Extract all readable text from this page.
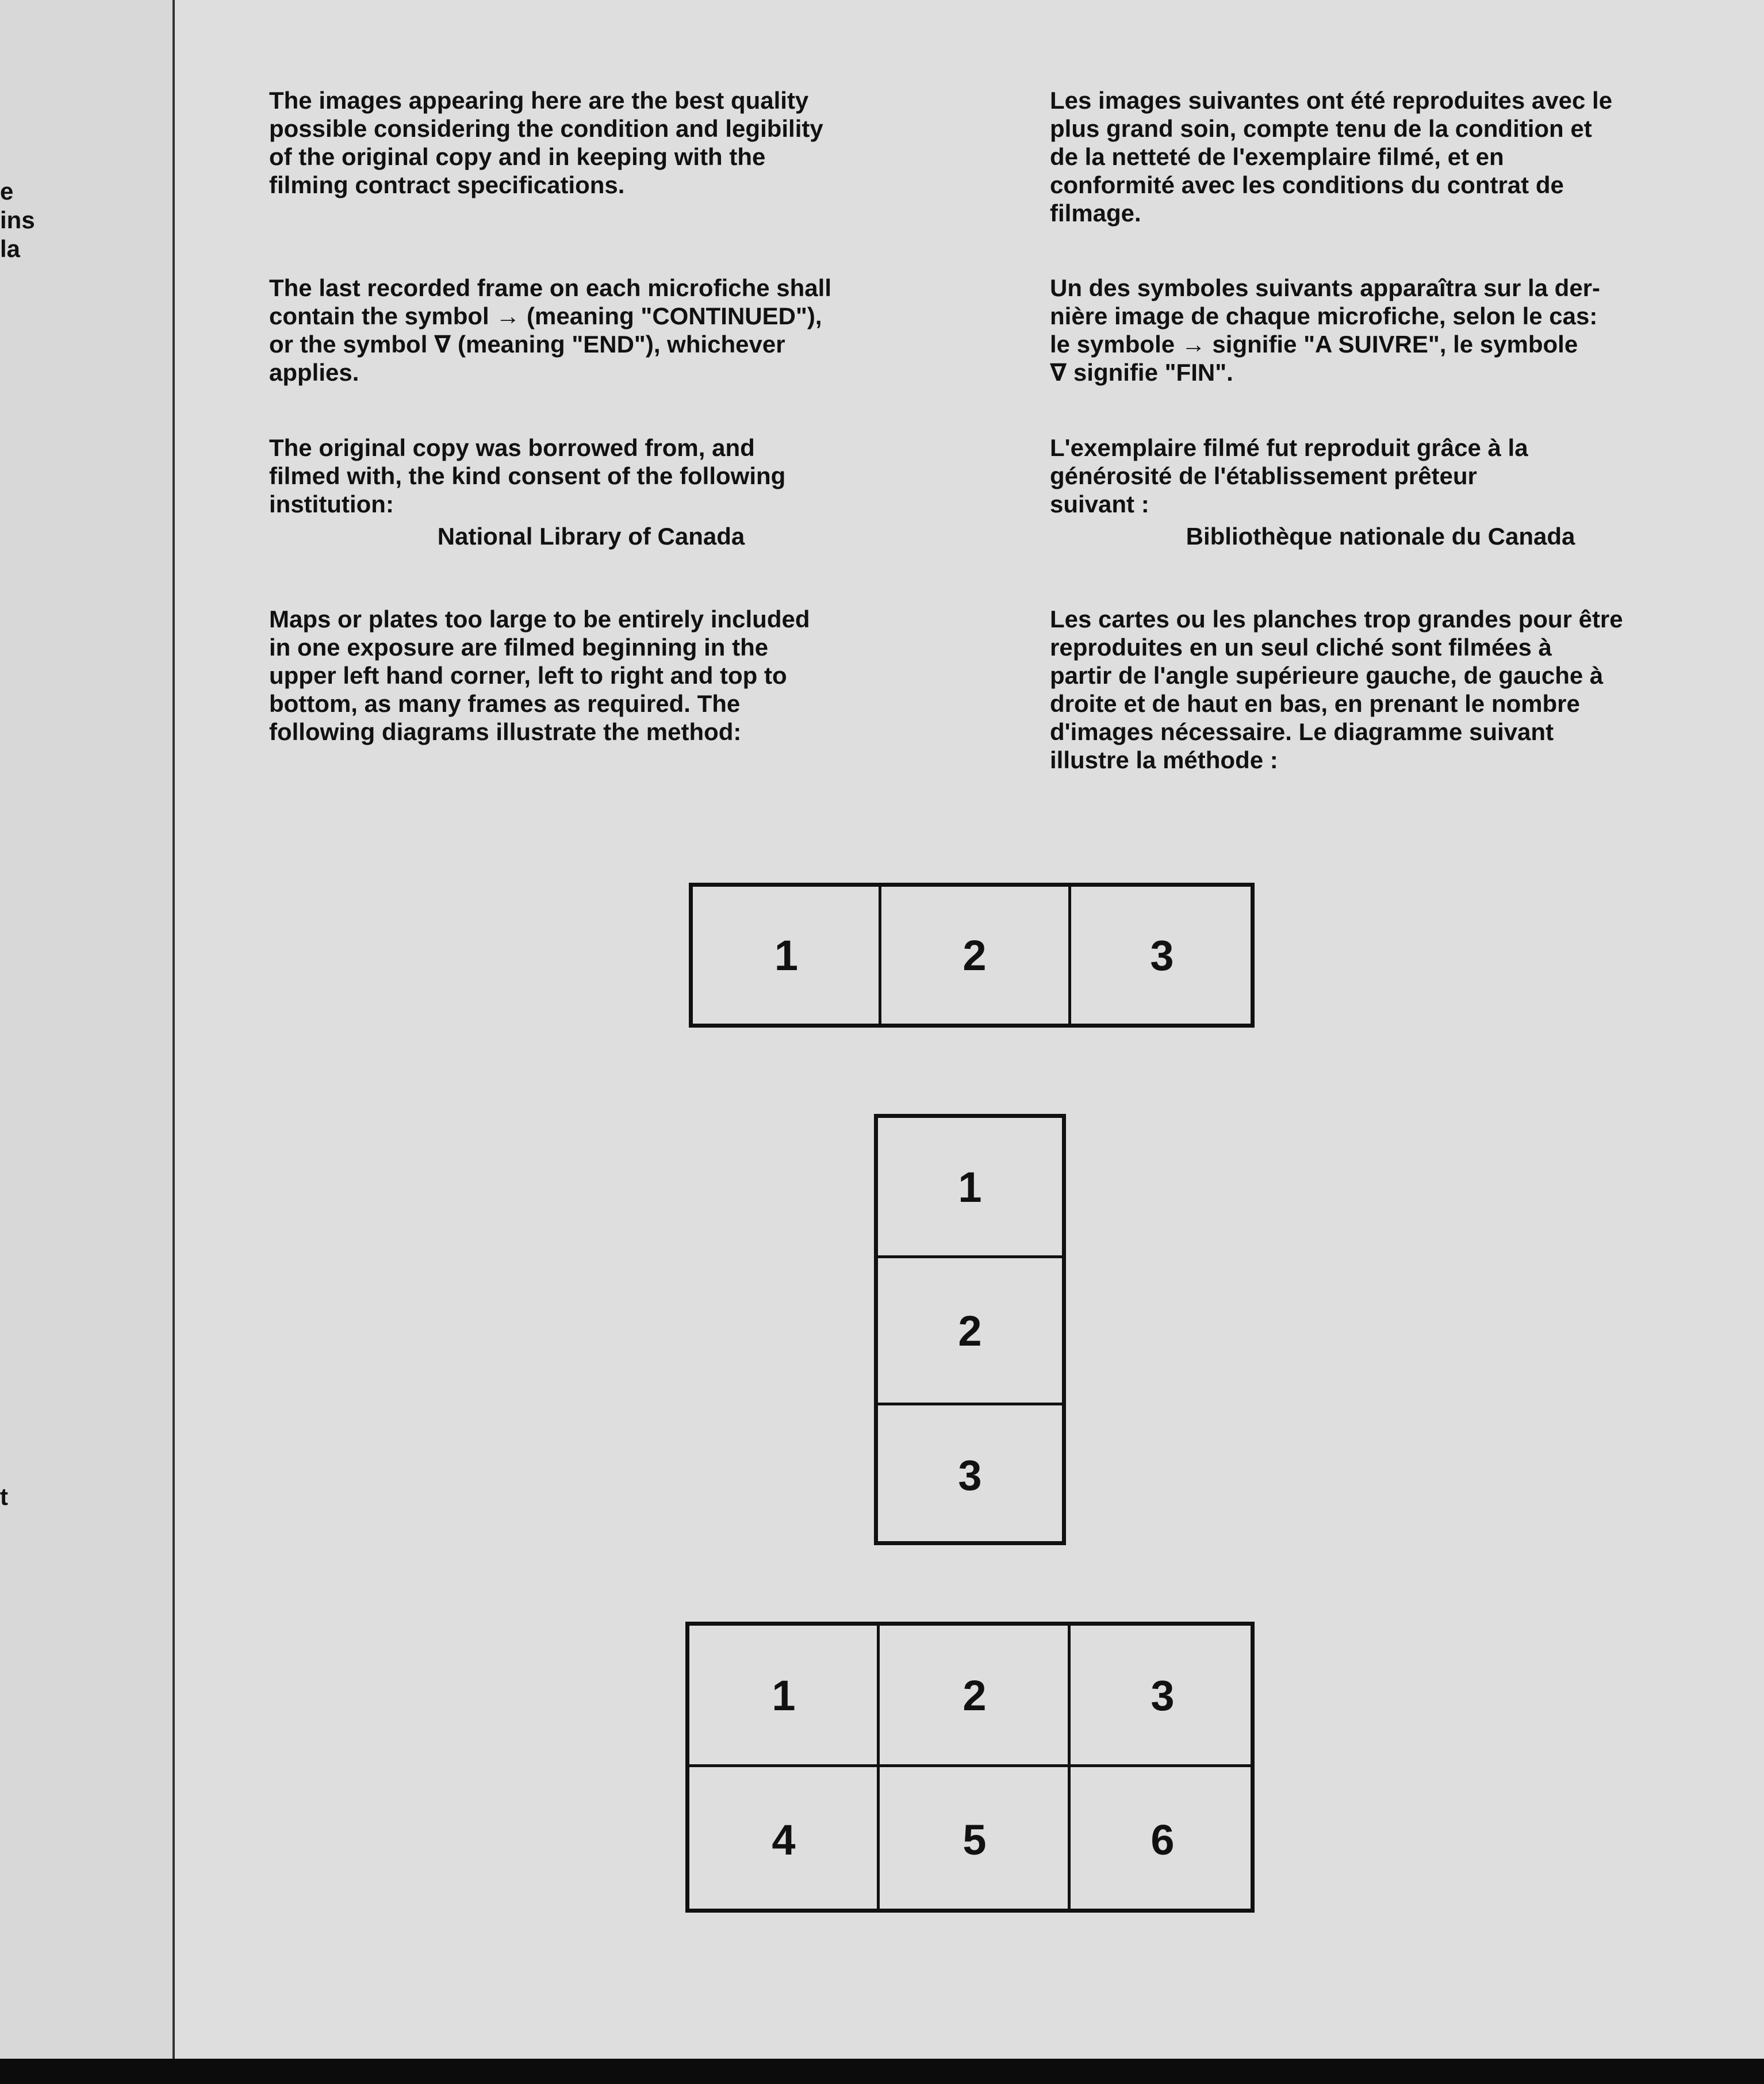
e
ins
la
t

The images appearing here are the best quality
possible considering the condition and legibility
of the original copy and in keeping with the
filming contract specifications.

The last recorded frame on each microfiche shall
contain the symbol → (meaning "CONTINUED"),
or the symbol ∇ (meaning "END"), whichever
applies.

The original copy was borrowed from, and
filmed with, the kind consent of the following
institution:

National Library of Canada

Maps or plates too large to be entirely included
in one exposure are filmed beginning in the
upper left hand corner, left to right and top to
bottom, as many frames as required. The
following diagrams illustrate the method:

Les images suivantes ont été reproduites avec le
plus grand soin, compte tenu de la condition et
de la netteté de l'exemplaire filmé, et en
conformité avec les conditions du contrat de
filmage.

Un des symboles suivants apparaîtra sur la der-
nière image de chaque microfiche, selon le cas:
le symbole → signifie "A SUIVRE", le symbole
∇ signifie "FIN".

L'exemplaire filmé fut reproduit grâce à la
générosité de l'établissement prêteur
suivant :

Bibliothèque nationale du Canada

Les cartes ou les planches trop grandes pour être
reproduites en un seul cliché sont filmées à
partir de l'angle supérieure gauche, de gauche à
droite et de haut en bas, en prenant le nombre
d'images nécessaire. Le diagramme suivant
illustre la méthode :

1	2	3
1
2
3
1	2	3
4	5	6
